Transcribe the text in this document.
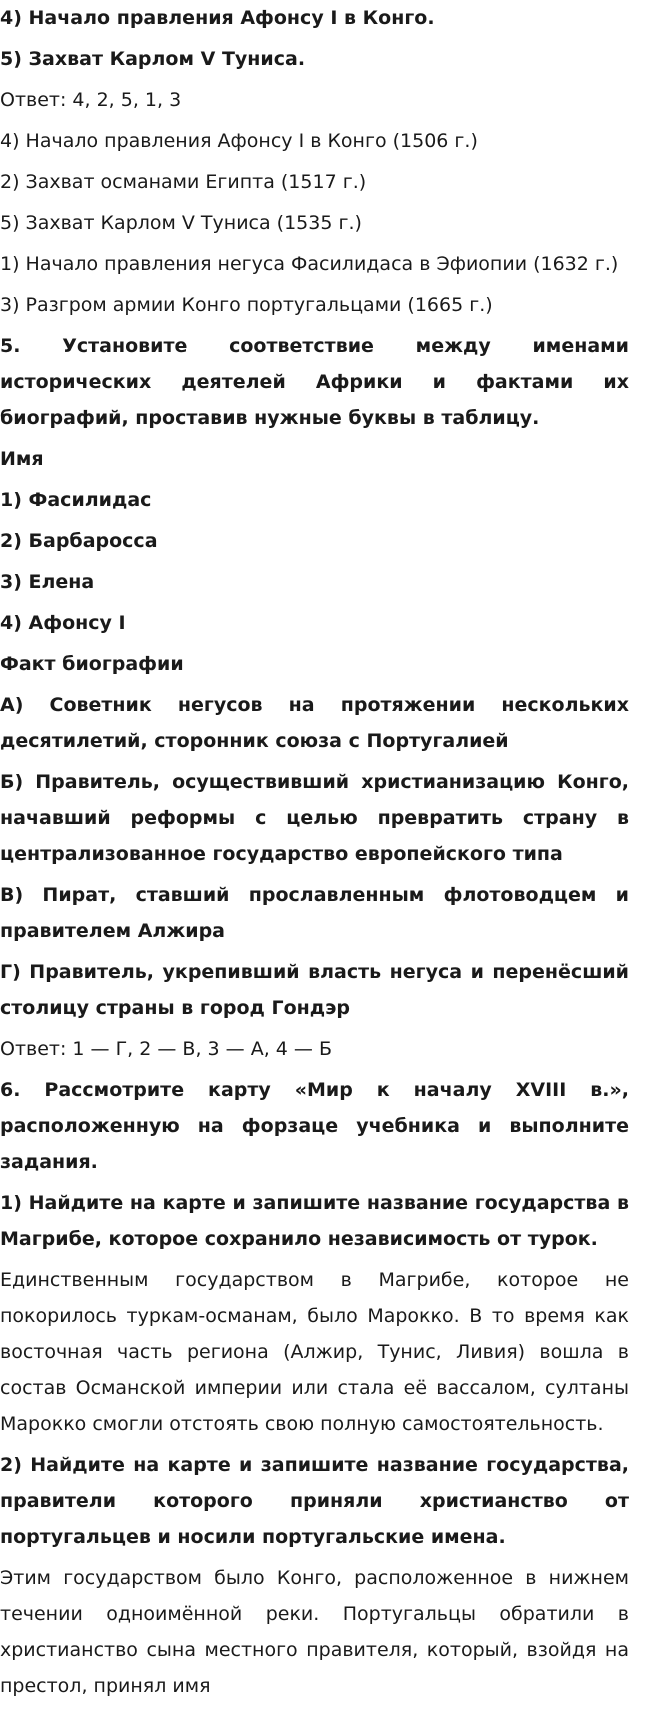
4) Начало правления Афонсу I в Конго.

5) Захват Карлом V Туниса.

Ответ: 4, 2, 5, 1, 3

4) Начало правления Афонсу I в Конго (1506 г.)

2) Захват османами Египта (1517 г.)

5) Захват Карлом V Туниса (1535 г.)

1) Начало правления негуса Фасилидаса в Эфиопии (1632 г.)

3) Разгром армии Конго португальцами (1665 г.)

5. Установите соответствие между именами исторических деятелей Африки и фактами их биографий, проставив нужные буквы в таблицу.

Имя

1) Фасилидас

2) Барбаросса

3) Елена

4) Афонсу I

Факт биографии

А) Советник негусов на протяжении нескольких десятилетий, сторонник союза с Португалией

Б) Правитель, осуществивший христианизацию Конго, начавший реформы с целью превратить страну в централизованное государство европейского типа

В) Пират, ставший прославленным флотоводцем и правителем Алжира

Г) Правитель, укрепивший власть негуса и перенёсший столицу страны в город Гондэр

Ответ: 1 — Г, 2 — В, 3 — А, 4 — Б

6. Рассмотрите карту «Мир к началу XVIII в.», расположенную на форзаце учебника и выполните задания.

1) Найдите на карте и запишите название государства в Магрибе, которое сохранило независимость от турок.

Единственным государством в Магрибе, которое не покорилось туркам-османам, было Марокко. В то время как восточная часть региона (Алжир, Тунис, Ливия) вошла в состав Османской империи или стала её вассалом, султаны Марокко смогли отстоять свою полную самостоятельность.

2) Найдите на карте и запишите название государства, правители которого приняли христианство от португальцев и носили португальские имена.

Этим государством было Конго, расположенное в нижнем течении одноимённой реки. Португальцы обратили в христианство сына местного правителя, который, взойдя на престол, принял имя
